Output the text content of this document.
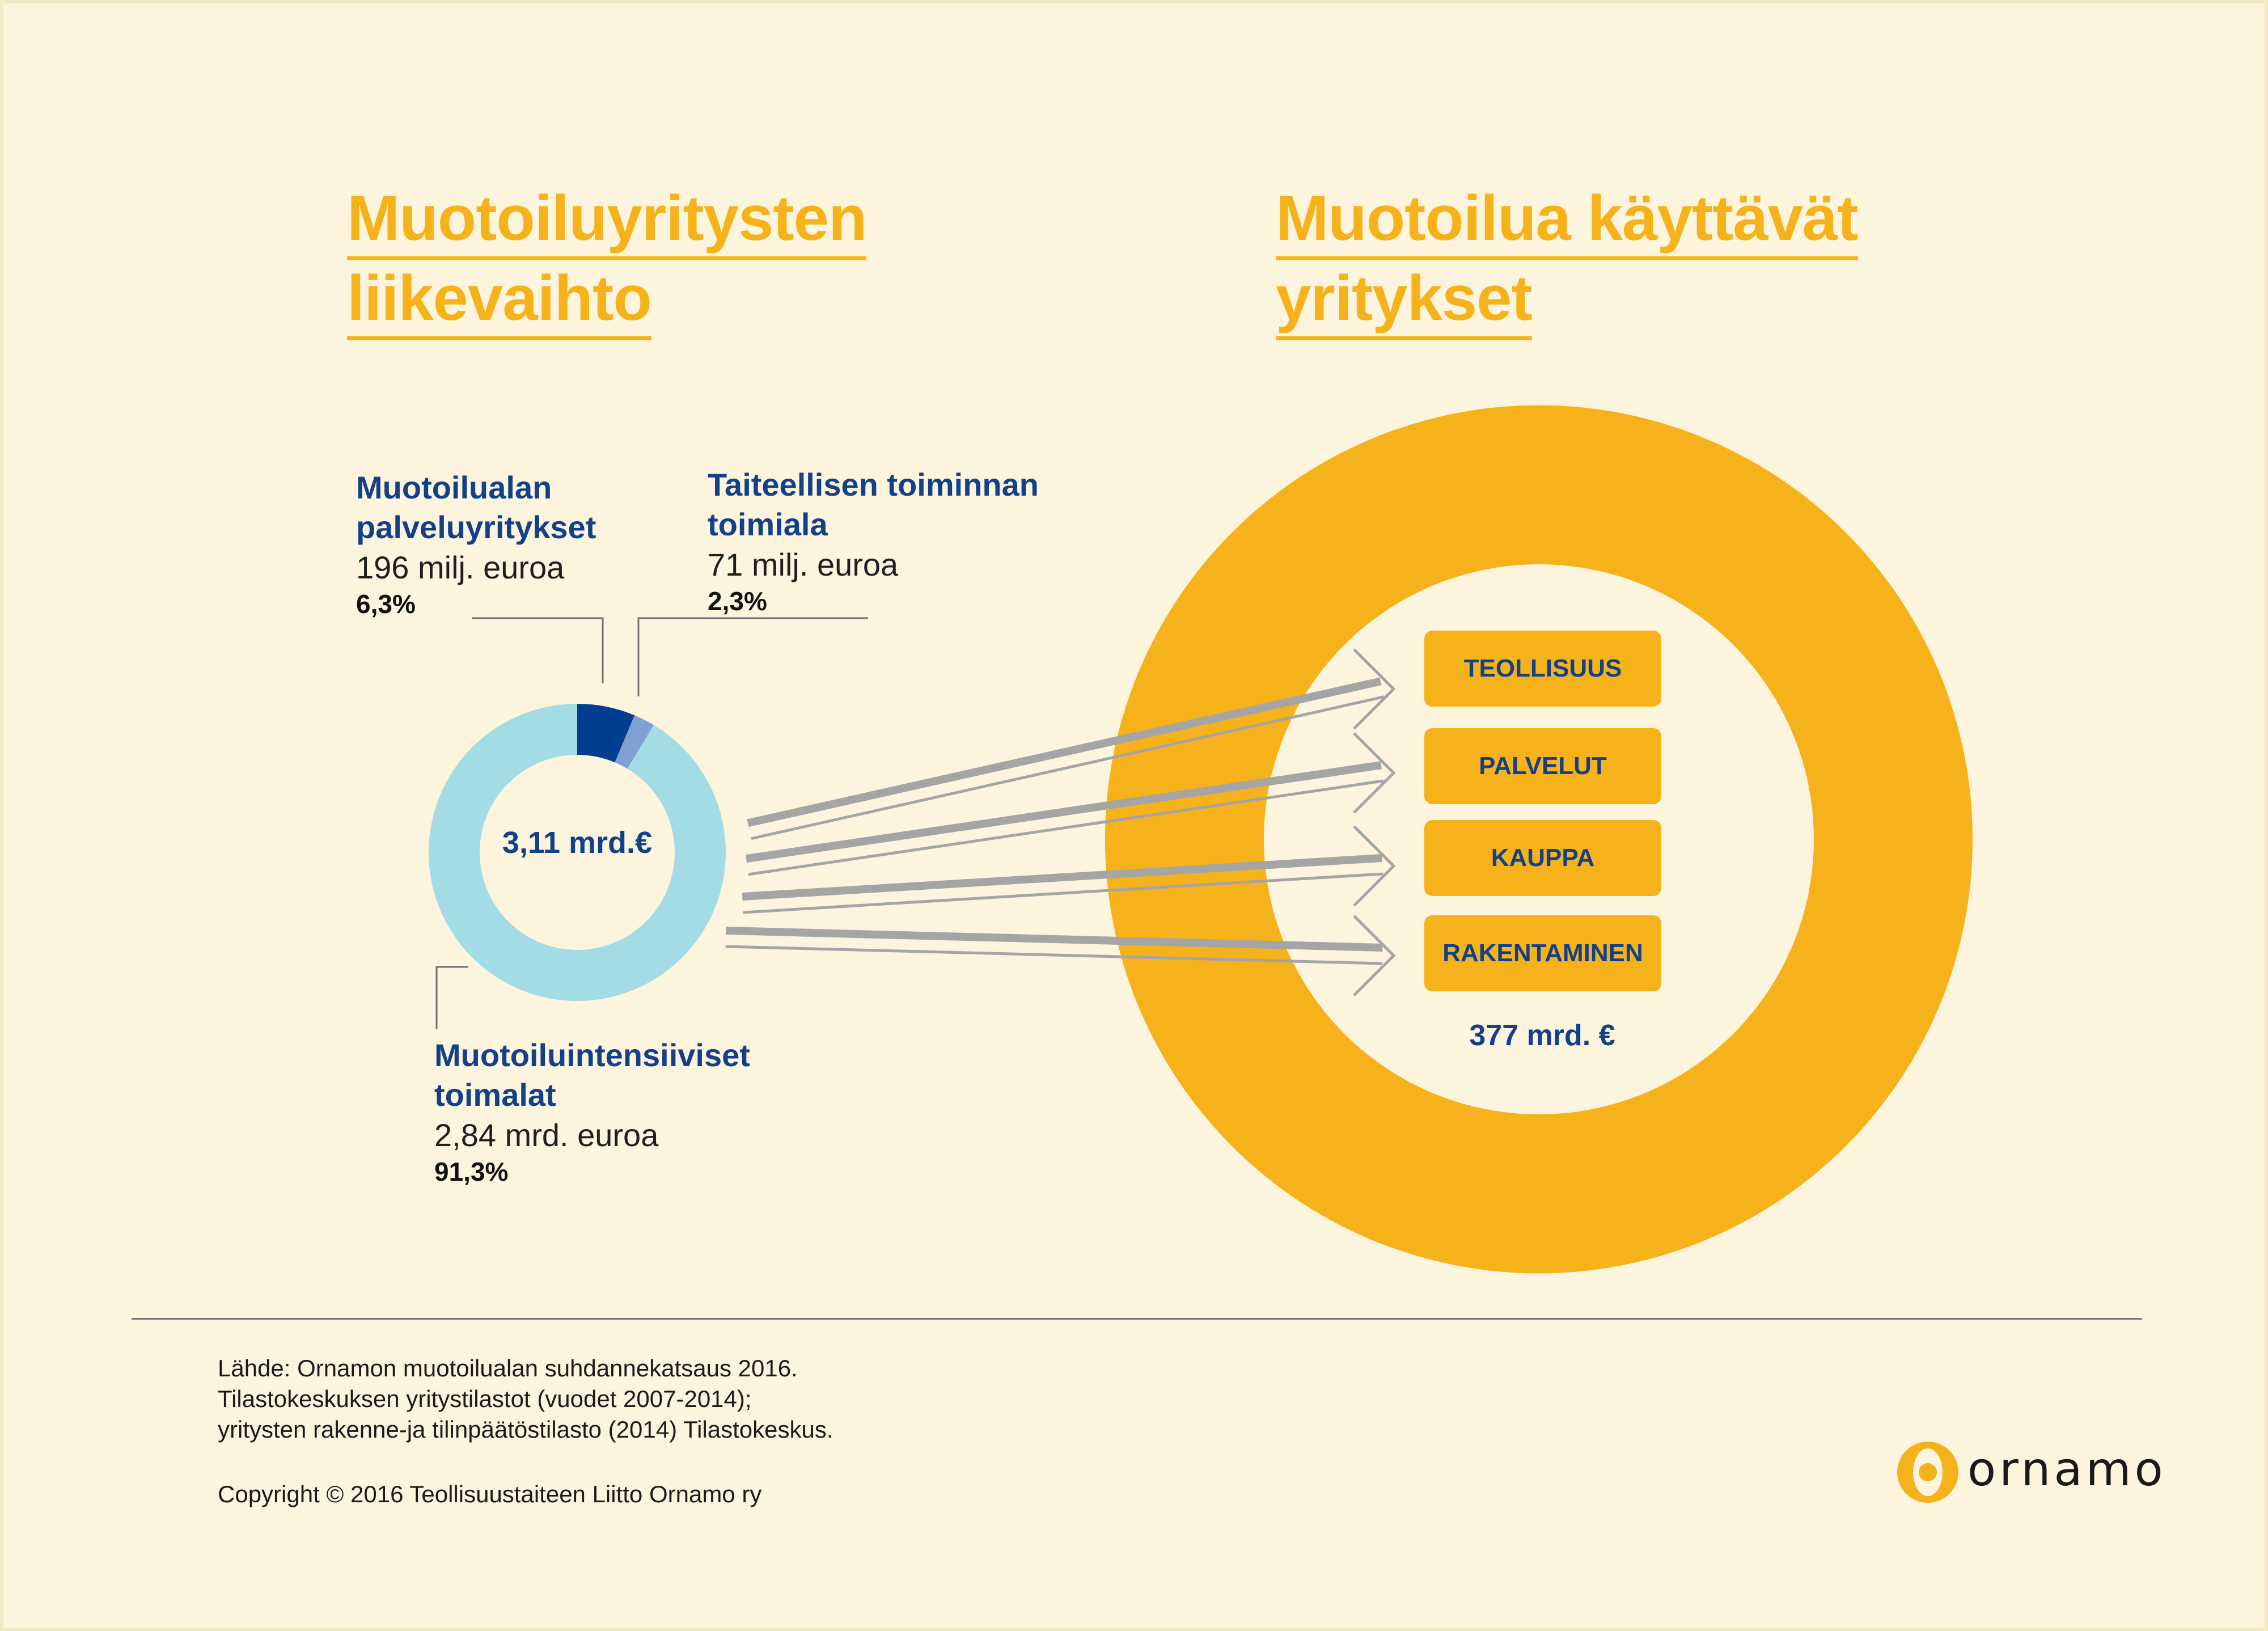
Muotoiluyritysten
liikevaihto
Muotoilua käyttävät
yritykset
Muotoilualan
palveluyritykset
196 milj. euroa
6,3%
Taiteellisen toiminnan
toimiala
71 milj. euroa
2,3%
Muotoiluintensiiviset
toimalat
2,84 mrd. euroa
91,3%
3,11 mrd.€
TEOLLISUUS
PALVELUT
KAUPPA
RAKENTAMINEN
377 mrd. €
Lähde: Ornamon muotoilualan suhdannekatsaus 2016.
Tilastokeskuksen yritystilastot (vuodet 2007-2014);
yritysten rakenne-ja tilinpäätöstilasto (2014) Tilastokeskus.
Copyright © 2016 Teollisuustaiteen Liitto Ornamo ry	ornamo
